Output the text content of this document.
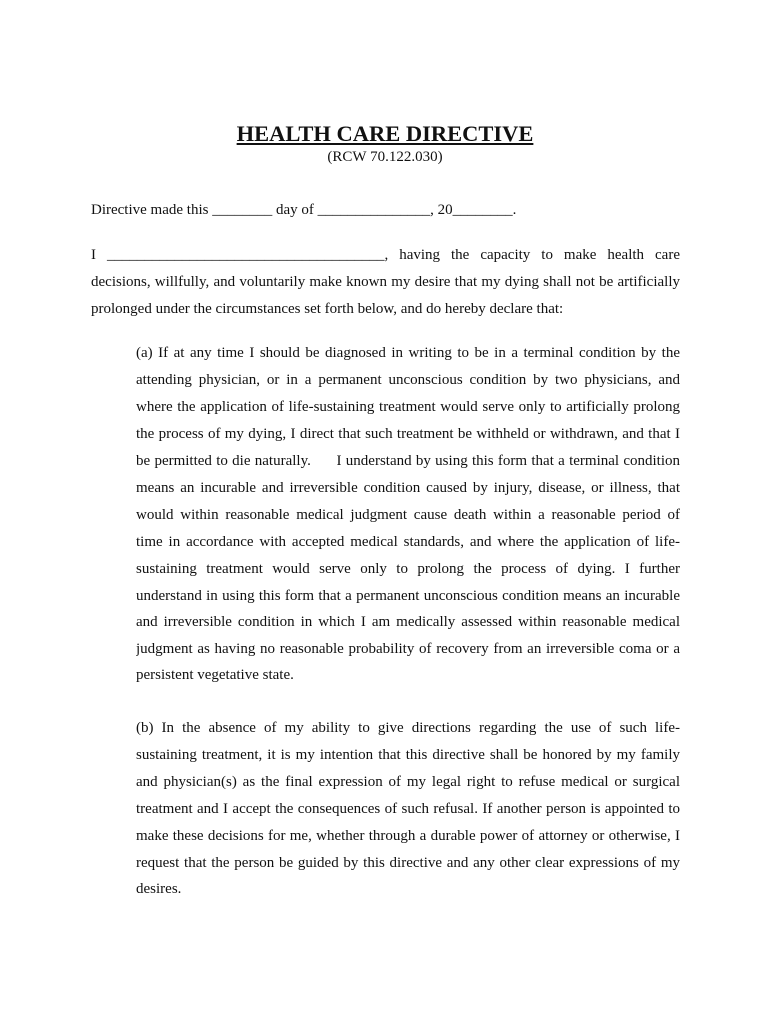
HEALTH CARE DIRECTIVE
(RCW 70.122.030)
Directive made this ________ day of _______________, 20________.
I _____________________________________, having the capacity to make health care
decisions, willfully, and voluntarily make known my desire that my dying shall not be artificially
prolonged under the circumstances set forth below, and do hereby declare that:
(a) If at any time I should be diagnosed in writing to be in a terminal condition by the
attending physician, or in a permanent unconscious condition by two physicians, and
where the application of life-sustaining treatment would serve only to artificially prolong
the process of my dying, I direct that such treatment be withheld or withdrawn, and that I
be permitted to die naturally.      I understand by using this form that a terminal condition
means an incurable and irreversible condition caused by injury, disease, or illness, that
would within reasonable medical judgment cause death within a reasonable period of
time in accordance with accepted medical standards, and where the application of life-
sustaining treatment would serve only to prolong the process of dying. I further
understand in using this form that a permanent unconscious condition means an incurable
and irreversible condition in which I am medically assessed within reasonable medical
judgment as having no reasonable probability of recovery from an irreversible coma or a
persistent vegetative state.
(b) In the absence of my ability to give directions regarding the use of such life-
sustaining treatment, it is my intention that this directive shall be honored by my family
and physician(s) as the final expression of my legal right to refuse medical or surgical
treatment and I accept the consequences of such refusal. If another person is appointed to
make these decisions for me, whether through a durable power of attorney or otherwise, I
request that the person be guided by this directive and any other clear expressions of my
desires.
